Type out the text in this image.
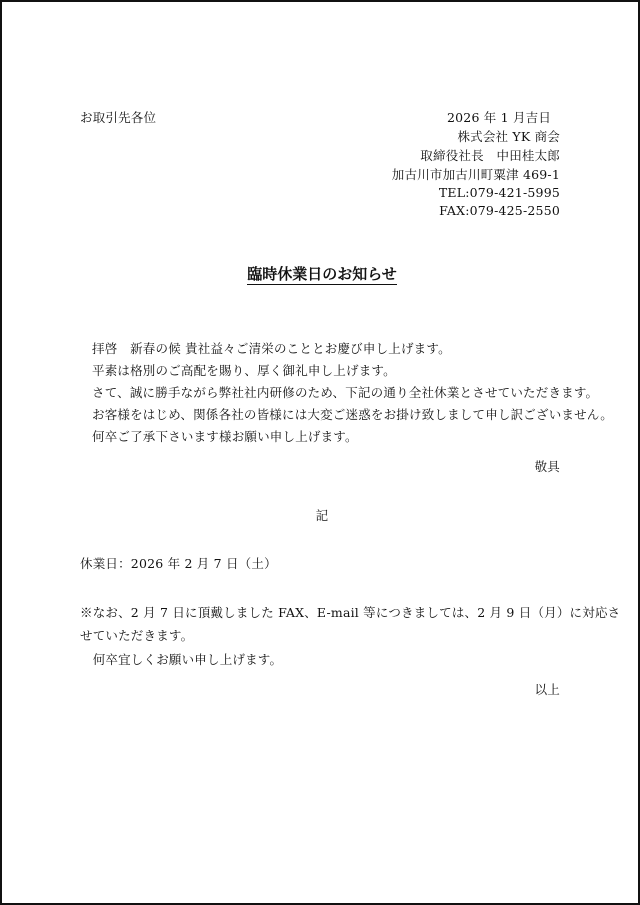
お取引先各位	2026 年 1 月吉日
株式会社 YK 商会
取締役社長　中田桂太郎
加古川市加古川町粟津 469-1
TEL:079-421-5995
FAX:079-425-2550
臨時休業日のお知らせ
拝啓　新春の候 貴社益々ご清栄のこととお慶び申し上げます。
平素は格別のご高配を賜り、厚く御礼申し上げます。
さて、誠に勝手ながら弊社社内研修のため、下記の通り全社休業とさせていただきます。
お客様をはじめ、関係各社の皆様には大変ご迷惑をお掛け致しまして申し訳ございません。
何卒ご了承下さいます様お願い申し上げます。
敬具
記
休業日：2026 年 2 月 7 日（土）
※なお、2 月 7 日に頂戴しました FAX、E-mail 等につきましては、2 月 9 日（月）に対応さ
せていただきます。
　何卒宜しくお願い申し上げます。
以上
